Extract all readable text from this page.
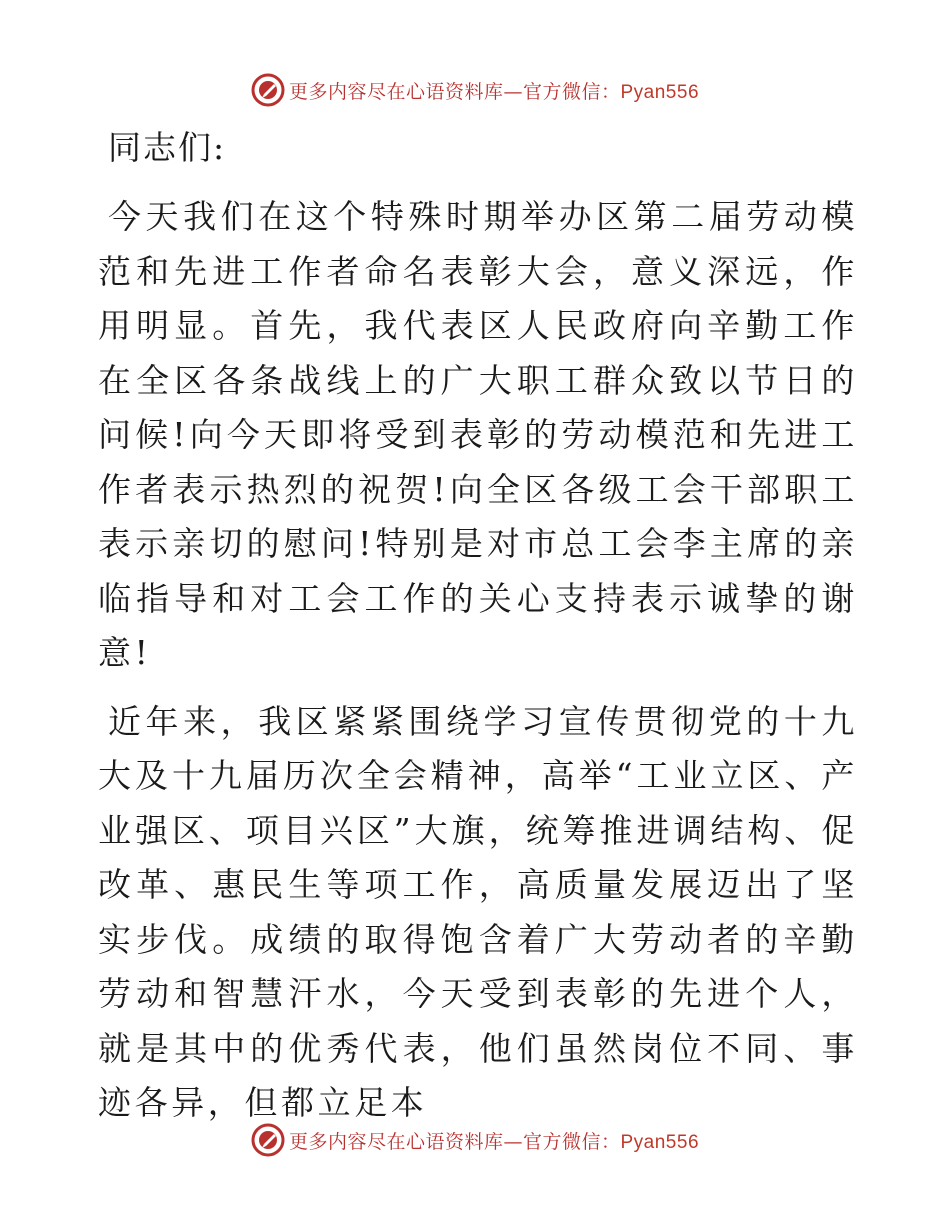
更多内容尽在心语资料库—官方微信：Pyan556
同志们:

今天我们在这个特殊时期举办区第二届劳动模范和先进工作者命名表彰大会，意义深远，作用明显。首先，我代表区人民政府向辛勤工作在全区各条战线上的广大职工群众致以节日的问候!向今天即将受到表彰的劳动模范和先进工作者表示热烈的祝贺!向全区各级工会干部职工表示亲切的慰问!特别是对市总工会李主席的亲临指导和对工会工作的关心支持表示诚挚的谢意!

近年来，我区紧紧围绕学习宣传贯彻党的十九大及十九届历次全会精神，高举“工业立区、产业强区、项目兴区”大旗，统筹推进调结构、促改革、惠民生等项工作，高质量发展迈出了坚实步伐。成绩的取得饱含着广大劳动者的辛勤劳动和智慧汗水，今天受到表彰的先进个人，就是其中的优秀代表，他们虽然岗位不同、事迹各异，但都立足本

更多内容尽在心语资料库—官方微信：Pyan556
